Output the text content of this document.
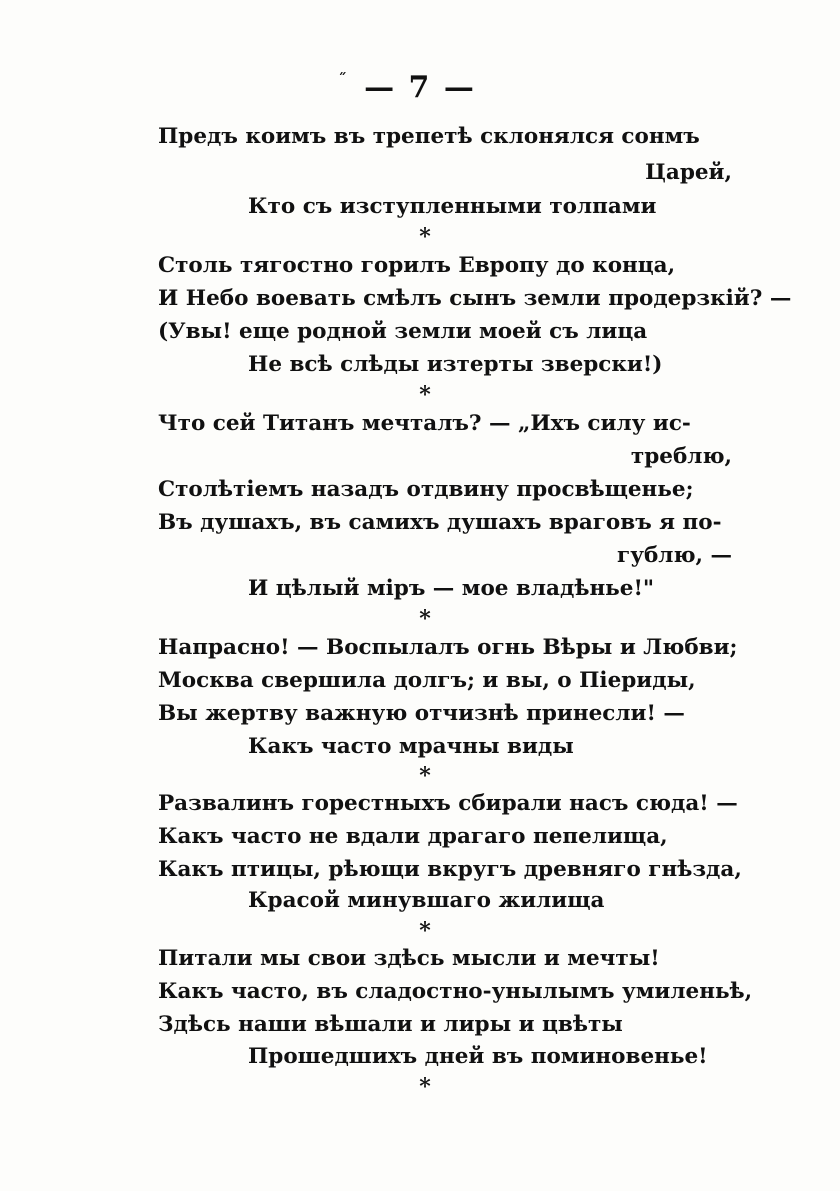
˝ — 7 —
Предъ коимъ въ трепетѣ склонялся сонмъ
Царей,
Кто съ изступленными толпами
*
Столь тягостно горилъ Европу до конца,
И Небо воевать смѣлъ сынъ земли продерзкій? —
(Увы! еще родной земли моей съ лица
Не всѣ слѣды изтерты зверски!)
*
Что сей Титанъ мечталъ? — „Ихъ силу ис-
треблю,
Столѣтіемъ назадъ отдвину просвѣщенье;
Въ душахъ, въ самихъ душахъ враговъ я по-
гублю, —
И цѣлый міръ — мое владѣнье!"
*
Напрасно! — Воспылалъ огнь Вѣры и Любви;
Москва свершила долгъ; и вы, о Піериды,
Вы жертву важную отчизнѣ принесли! —
Какъ часто мрачны виды
*
Развалинъ горестныхъ сбирали насъ сюда! —
Какъ часто не вдали драгаго пепелища,
Какъ птицы, рѣющи вкругъ древняго гнѣзда,
Красой минувшаго жилища
*
Питали мы свои здѣсь мысли и мечты!
Какъ часто, въ сладостно-унылымъ умиленьѣ,
Здѣсь наши вѣшали и лиры и цвѣты
Прошедшихъ дней въ поминовенье!
*
